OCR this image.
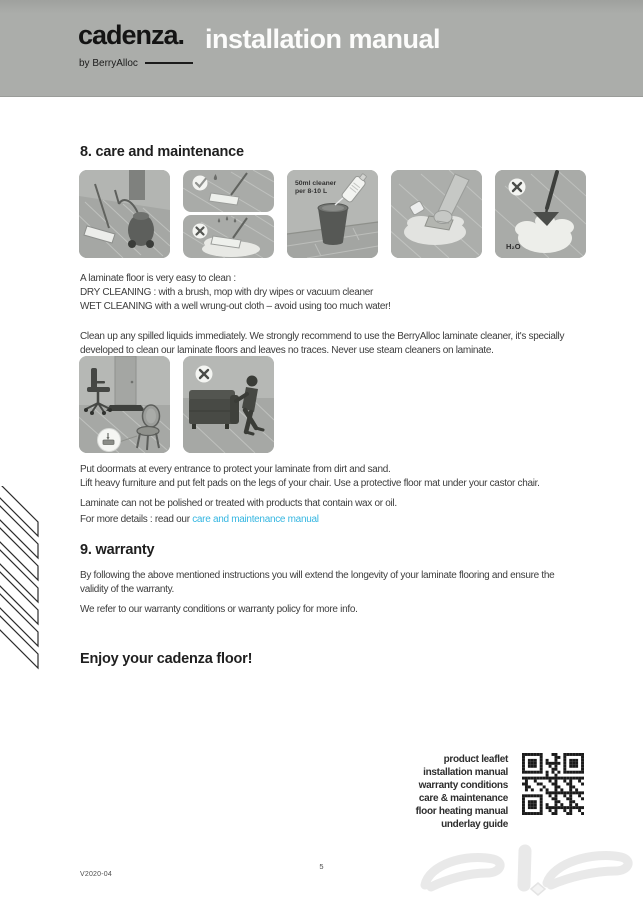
cadenza.
by BerryAlloc
installation manual
8. care and maintenance
50ml cleaner
per 8-10 L
H₂O
A laminate floor is very easy to clean :
DRY CLEANING : with a brush, mop with dry wipes or vacuum cleaner
WET CLEANING with a well wrung-out cloth – avoid using too much water!
Clean up any spilled liquids immediately. We strongly recommend to use the BerryAlloc laminate cleaner, it's specially
developed to clean our laminate floors and leaves no traces. Never use steam cleaners on laminate.
Put doormats at every entrance to protect your laminate from dirt and sand.
Lift heavy furniture and put felt pads on the legs of your chair. Use a protective floor mat under your castor chair.
Laminate can not be polished or treated with products that contain wax or oil.
For more details : read our care and maintenance manual
9. warranty
By following the above mentioned instructions you will extend the longevity of your laminate flooring and ensure the
validity of the warranty.
We refer to our warranty conditions or warranty policy for more info.
Enjoy your cadenza floor!
product leaflet
installation manual
warranty conditions
care & maintenance
floor heating manual
underlay guide
V2020-04
5
